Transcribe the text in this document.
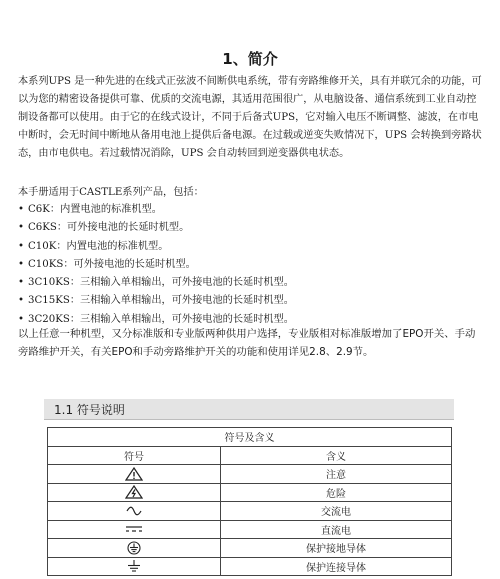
1、简介

本系列UPS 是一种先进的在线式正弦波不间断供电系统，带有旁路维修开关，具有并联冗余的功能，可以为您的精密设备提供可靠、优质的交流电源，其适用范围很广，从电脑设备、通信系统到工业自动控制设备都可以使用。由于它的在线式设计，不同于后备式UPS，它对输入电压不断调整、滤波，在市电中断时，会无时间中断地从备用电池上提供后备电源。在过载或逆变失败情况下，UPS 会转换到旁路状态，由市电供电。若过载情况消除，UPS 会自动转回到逆变器供电状态。

本手册适用于CASTLE系列产品，包括：
• C6K：内置电池的标准机型。
• C6KS：可外接电池的长延时机型。
• C10K：内置电池的标准机型。
• C10KS：可外接电池的长延时机型。
• 3C10KS：三相输入单相输出，可外接电池的长延时机型。
• 3C15KS：三相输入单相输出，可外接电池的长延时机型。
• 3C20KS：三相输入单相输出，可外接电池的长延时机型。

以上任意一种机型，又分标准版和专业版两种供用户选择，专业版相对标准版增加了EPO开关、手动旁路维护开关，有关EPO和手动旁路维护开关的功能和使用详见2.8、2.9节。

1.1 符号说明
符号及含义	
符号	含义
	注意
	危险
	交流电
	直流电
	保护接地导体
	保护连接导体
